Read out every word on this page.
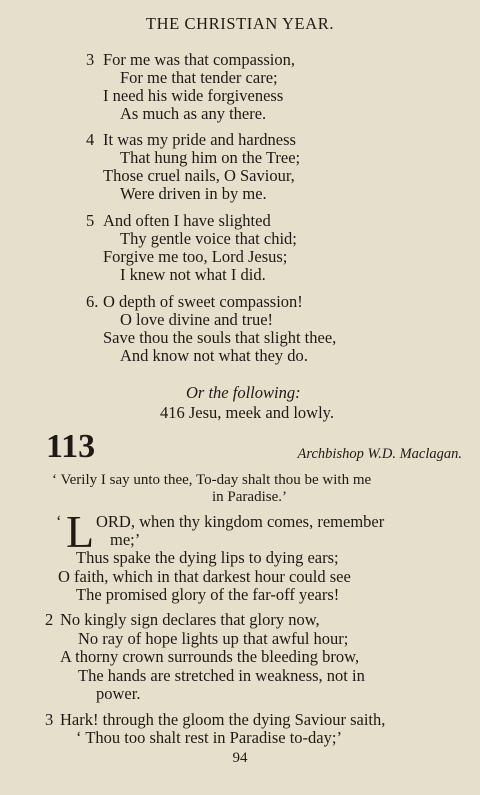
THE CHRISTIAN YEAR.
3 For me was that compassion,
For me that tender care;
I need his wide forgiveness
As much as any there.
4 It was my pride and hardness
That hung him on the Tree;
Those cruel nails, O Saviour,
Were driven in by me.
5 And often I have slighted
Thy gentle voice that chid;
Forgive me too, Lord Jesus;
I knew not what I did.
6. O depth of sweet compassion!
O love divine and true!
Save thou the souls that slight thee,
And know not what they do.
Or the following:
416 Jesu, meek and lowly.
113	Archbishop W.D. Maclagan.
‘ Verily I say unto thee, To-day shalt thou be with me
in Paradise.’
‘ L ORD, when thy kingdom comes, remember
me;’
Thus spake the dying lips to dying ears;
O faith, which in that darkest hour could see
The promised glory of the far-off years!
2 No kingly sign declares that glory now,
No ray of hope lights up that awful hour;
A thorny crown surrounds the bleeding brow,
The hands are stretched in weakness, not in
power.
3 Hark! through the gloom the dying Saviour saith,
‘ Thou too shalt rest in Paradise to-day;’
94
